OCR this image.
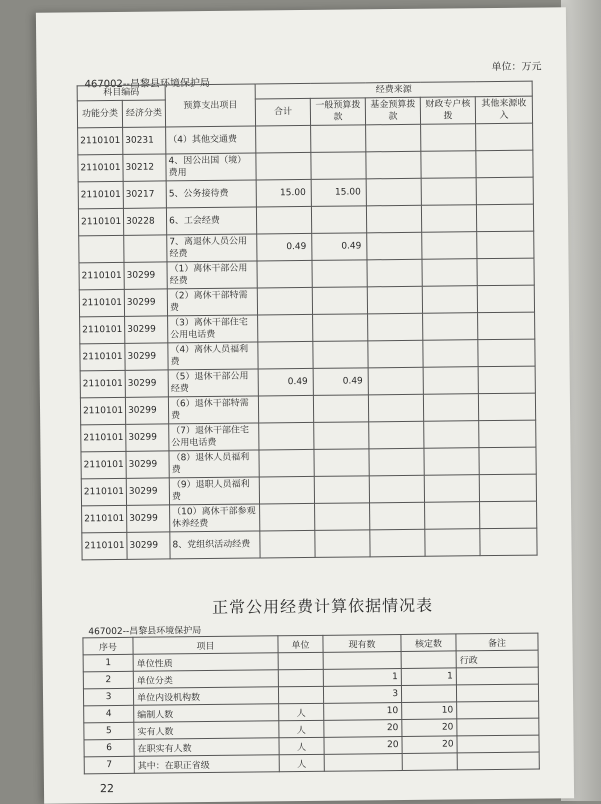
单位：万元
467002--昌黎县环境保护局
科目编码		预算支出项目	经费来源				
功能分类	经济分类		合计	一般预算拨款	基金预算拨款	财政专户核拨	其他来源收入
2110101	30231	（4）其他交通费					
2110101	30212	4、因公出国（境）费用					
2110101	30217	5、公务接待费	15.00	15.00			
2110101	30228	6、工会经费					
		7、离退休人员公用经费	0.49	0.49			
2110101	30299	（1）离休干部公用经费					
2110101	30299	（2）离休干部特需费					
2110101	30299	（3）离休干部住宅公用电话费					
2110101	30299	（4）离休人员福利费					
2110101	30299	（5）退休干部公用经费	0.49	0.49			
2110101	30299	（6）退休干部特需费					
2110101	30299	（7）退休干部住宅公用电话费					
2110101	30299	（8）退休人员福利费					
2110101	30299	（9）退职人员福利费					
2110101	30299	（10）离休干部参观休养经费					
2110101	30299	8、党组织活动经费					
正常公用经费计算依据情况表
467002--昌黎县环境保护局
序号	项目	单位	现有数	核定数	备注
1	单位性质				行政
2	单位分类		1	1	
3	单位内设机构数		3		
4	编制人数	人	10	10	
5	实有人数	人	20	20	
6	在职实有人数	人	20	20	
7	其中：在职正省级	人			
22
